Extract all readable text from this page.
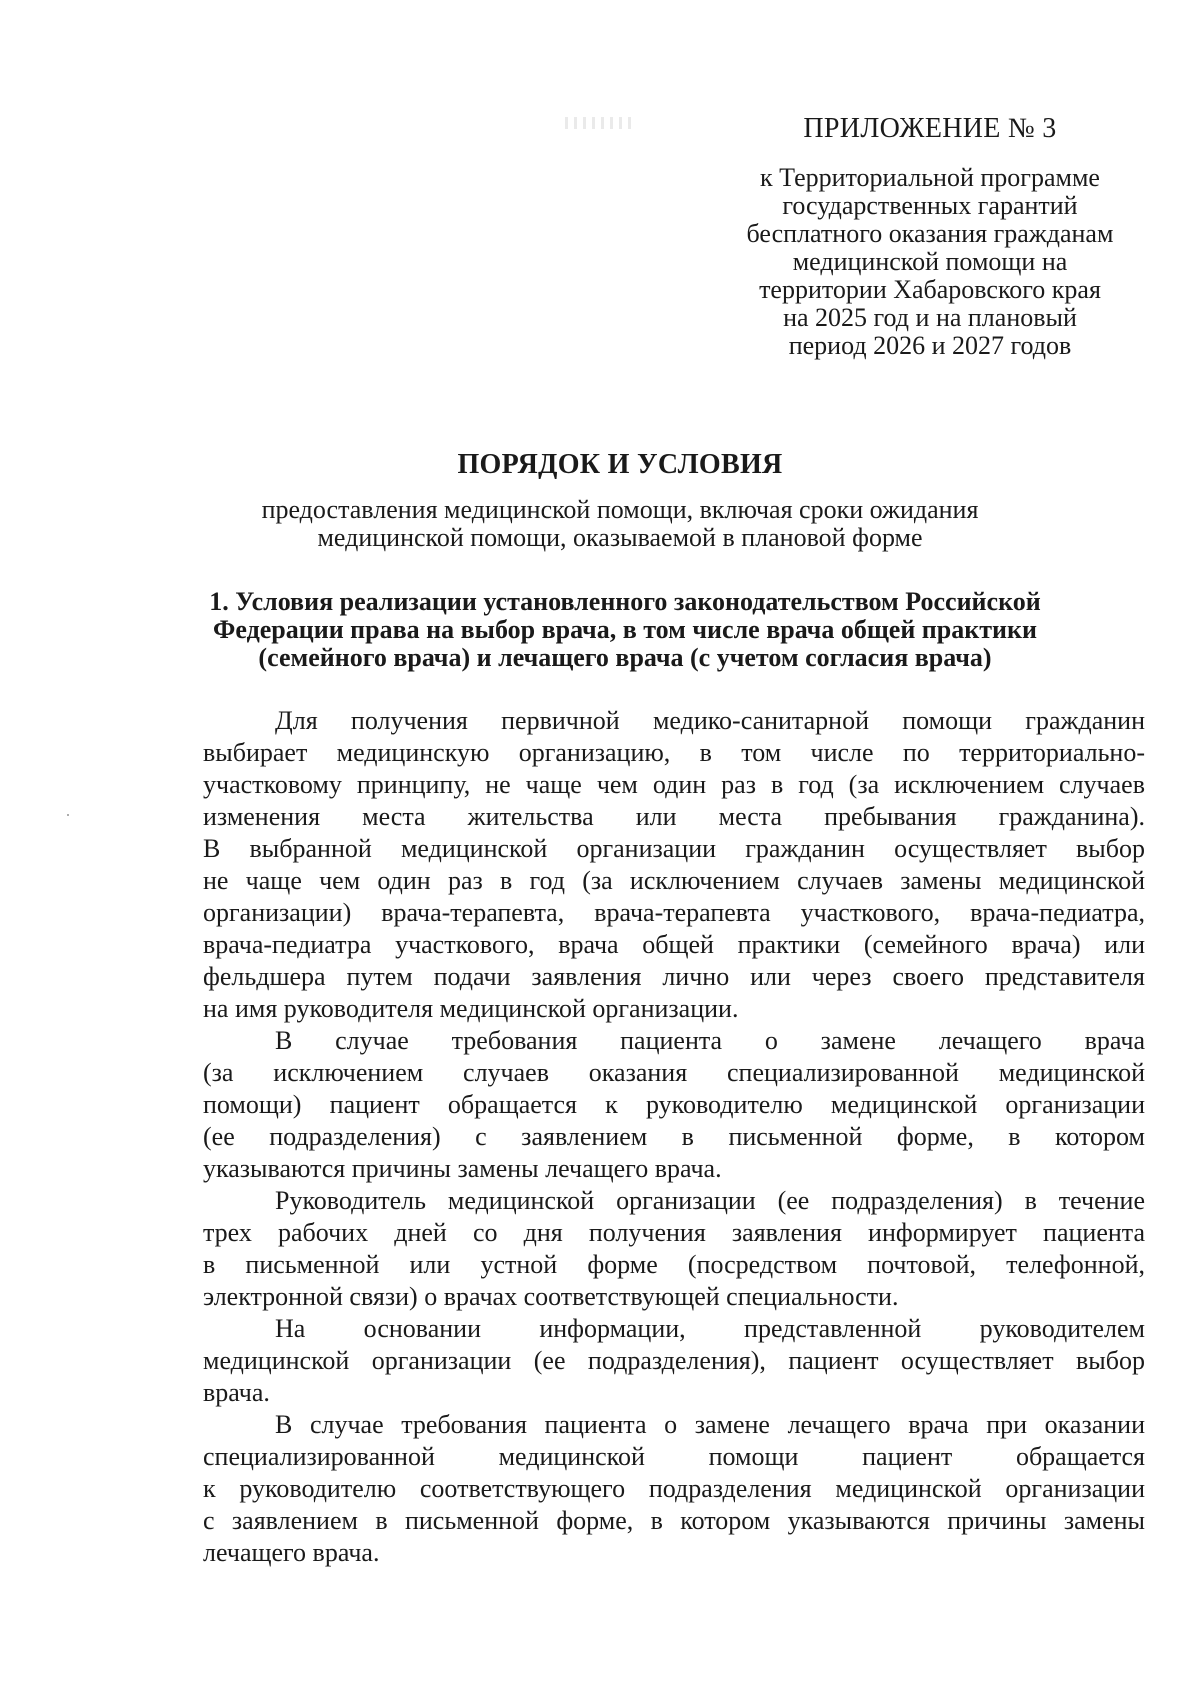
ПРИЛОЖЕНИЕ № 3

к Территориальной программе

государственных гарантий

бесплатного оказания гражданам

медицинской помощи на

территории Хабаровского края

на 2025 год и на плановый

период 2026 и 2027 годов

ПОРЯДОК И УСЛОВИЯ
предоставления медицинской помощи, включая сроки ожидания
медицинской помощи, оказываемой в плановой форме
1. Условия реализации установленного законодательством Российской
Федерации права на выбор врача, в том числе врача общей практики
(семейного врача) и лечащего врача (с учетом согласия врача)
Для получения первичной медико-санитарной помощи гражданин
выбирает медицинскую организацию, в том числе по территориально-
участковому принципу, не чаще чем один раз в год (за исключением случаев
изменения места жительства или места пребывания гражданина).
В выбранной медицинской организации гражданин осуществляет выбор
не чаще чем один раз в год (за исключением случаев замены медицинской
организации) врача-терапевта, врача-терапевта участкового, врача-педиатра,
врача-педиатра участкового, врача общей практики (семейного врача) или
фельдшера путем подачи заявления лично или через своего представителя
на имя руководителя медицинской организации.
В случае требования пациента о замене лечащего врача
(за исключением случаев оказания специализированной медицинской
помощи) пациент обращается к руководителю медицинской организации
(ее подразделения) с заявлением в письменной форме, в котором
указываются причины замены лечащего врача.
Руководитель медицинской организации (ее подразделения) в течение
трех рабочих дней со дня получения заявления информирует пациента
в письменной или устной форме (посредством почтовой, телефонной,
электронной связи) о врачах соответствующей специальности.
На основании информации, представленной руководителем
медицинской организации (ее подразделения), пациент осуществляет выбор
врача.
В случае требования пациента о замене лечащего врача при оказании
специализированной медицинской помощи пациент обращается
к руководителю соответствующего подразделения медицинской организации
с заявлением в письменной форме, в котором указываются причины замены
лечащего врача.
